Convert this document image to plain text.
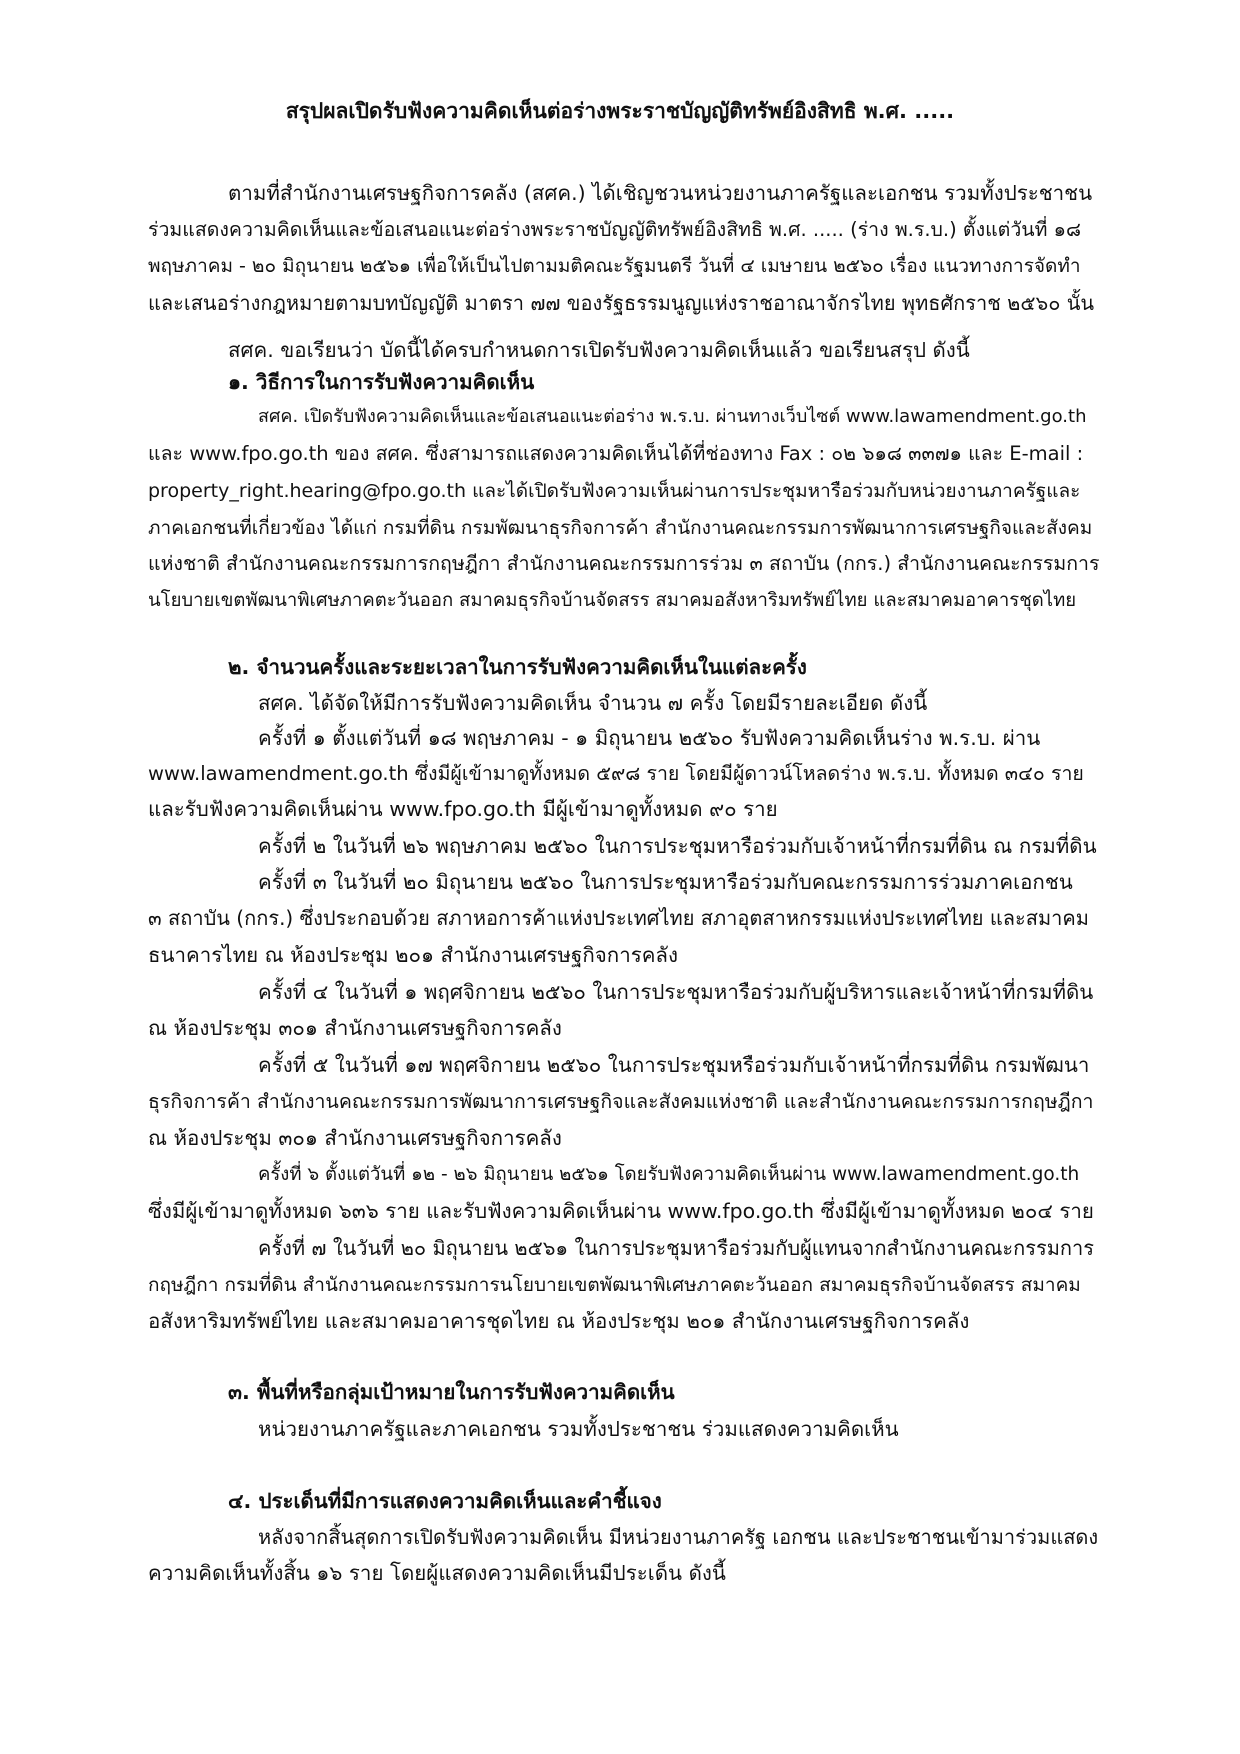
สรุปผลเปิดรับฟังความคิดเห็นต่อร่างพระราชบัญญัติทรัพย์อิงสิทธิ พ.ศ. .....

ตามที่สำนักงานเศรษฐกิจการคลัง (สศค.) ได้เชิญชวนหน่วยงานภาครัฐและเอกชน รวมทั้งประชาชน

ร่วมแสดงความคิดเห็นและข้อเสนอแนะต่อร่างพระราชบัญญัติทรัพย์อิงสิทธิ พ.ศ. ..... (ร่าง พ.ร.บ.) ตั้งแต่วันที่ ๑๘

พฤษภาคม - ๒๐ มิถุนายน ๒๕๖๑ เพื่อให้เป็นไปตามมติคณะรัฐมนตรี วันที่ ๔ เมษายน ๒๕๖๐ เรื่อง แนวทางการจัดทำ

และเสนอร่างกฎหมายตามบทบัญญัติ มาตรา ๗๗ ของรัฐธรรมนูญแห่งราชอาณาจักรไทย พุทธศักราช ๒๕๖๐ นั้น

สศค. ขอเรียนว่า บัดนี้ได้ครบกำหนดการเปิดรับฟังความคิดเห็นแล้ว ขอเรียนสรุป ดังนี้

๑. วิธีการในการรับฟังความคิดเห็น

สศค. เปิดรับฟังความคิดเห็นและข้อเสนอแนะต่อร่าง พ.ร.บ. ผ่านทางเว็บไซต์ www.lawamendment.go.th

และ www.fpo.go.th ของ สศค. ซึ่งสามารถแสดงความคิดเห็นได้ที่ช่องทาง Fax : ๐๒ ๖๑๘ ๓๓๗๑ และ E-mail :

property_right.hearing@fpo.go.th และได้เปิดรับฟังความเห็นผ่านการประชุมหารือร่วมกับหน่วยงานภาครัฐและ

ภาคเอกชนที่เกี่ยวข้อง ได้แก่ กรมที่ดิน กรมพัฒนาธุรกิจการค้า สำนักงานคณะกรรมการพัฒนาการเศรษฐกิจและสังคม

แห่งชาติ สำนักงานคณะกรรมการกฤษฎีกา สำนักงานคณะกรรมการร่วม ๓ สถาบัน (กกร.) สำนักงานคณะกรรมการ

นโยบายเขตพัฒนาพิเศษภาคตะวันออก สมาคมธุรกิจบ้านจัดสรร สมาคมอสังหาริมทรัพย์ไทย และสมาคมอาคารชุดไทย

๒. จำนวนครั้งและระยะเวลาในการรับฟังความคิดเห็นในแต่ละครั้ง

สศค. ได้จัดให้มีการรับฟังความคิดเห็น จำนวน ๗ ครั้ง โดยมีรายละเอียด ดังนี้

ครั้งที่ ๑ ตั้งแต่วันที่ ๑๘ พฤษภาคม - ๑ มิถุนายน ๒๕๖๐ รับฟังความคิดเห็นร่าง พ.ร.บ. ผ่าน

www.lawamendment.go.th ซึ่งมีผู้เข้ามาดูทั้งหมด ๕๙๘ ราย โดยมีผู้ดาวน์โหลดร่าง พ.ร.บ. ทั้งหมด ๓๔๐ ราย

และรับฟังความคิดเห็นผ่าน www.fpo.go.th มีผู้เข้ามาดูทั้งหมด ๙๐ ราย

ครั้งที่ ๒ ในวันที่ ๒๖ พฤษภาคม ๒๕๖๐ ในการประชุมหารือร่วมกับเจ้าหน้าที่กรมที่ดิน ณ กรมที่ดิน

ครั้งที่ ๓ ในวันที่ ๒๐ มิถุนายน ๒๕๖๐ ในการประชุมหารือร่วมกับคณะกรรมการร่วมภาคเอกชน

๓ สถาบัน (กกร.) ซึ่งประกอบด้วย สภาหอการค้าแห่งประเทศไทย สภาอุตสาหกรรมแห่งประเทศไทย และสมาคม

ธนาคารไทย ณ ห้องประชุม ๒๐๑ สำนักงานเศรษฐกิจการคลัง

ครั้งที่ ๔ ในวันที่ ๑ พฤศจิกายน ๒๕๖๐ ในการประชุมหารือร่วมกับผู้บริหารและเจ้าหน้าที่กรมที่ดิน

ณ ห้องประชุม ๓๐๑ สำนักงานเศรษฐกิจการคลัง

ครั้งที่ ๕ ในวันที่ ๑๗ พฤศจิกายน ๒๕๖๐ ในการประชุมหรือร่วมกับเจ้าหน้าที่กรมที่ดิน กรมพัฒนา

ธุรกิจการค้า สำนักงานคณะกรรมการพัฒนาการเศรษฐกิจและสังคมแห่งชาติ และสำนักงานคณะกรรมการกฤษฎีกา

ณ ห้องประชุม ๓๐๑ สำนักงานเศรษฐกิจการคลัง

ครั้งที่ ๖ ตั้งแต่วันที่ ๑๒ - ๒๖ มิถุนายน ๒๕๖๑ โดยรับฟังความคิดเห็นผ่าน www.lawamendment.go.th

ซึ่งมีผู้เข้ามาดูทั้งหมด ๖๓๖ ราย และรับฟังความคิดเห็นผ่าน www.fpo.go.th ซึ่งมีผู้เข้ามาดูทั้งหมด ๒๐๔ ราย

ครั้งที่ ๗ ในวันที่ ๒๐ มิถุนายน ๒๕๖๑ ในการประชุมหารือร่วมกับผู้แทนจากสำนักงานคณะกรรมการ

กฤษฎีกา กรมที่ดิน สำนักงานคณะกรรมการนโยบายเขตพัฒนาพิเศษภาคตะวันออก สมาคมธุรกิจบ้านจัดสรร สมาคม

อสังหาริมทรัพย์ไทย และสมาคมอาคารชุดไทย ณ ห้องประชุม ๒๐๑ สำนักงานเศรษฐกิจการคลัง

๓. พื้นที่หรือกลุ่มเป้าหมายในการรับฟังความคิดเห็น

หน่วยงานภาครัฐและภาคเอกชน รวมทั้งประชาชน ร่วมแสดงความคิดเห็น

๔. ประเด็นที่มีการแสดงความคิดเห็นและคำชี้แจง

หลังจากสิ้นสุดการเปิดรับฟังความคิดเห็น มีหน่วยงานภาครัฐ เอกชน และประชาชนเข้ามาร่วมแสดง

ความคิดเห็นทั้งสิ้น ๑๖ ราย โดยผู้แสดงความคิดเห็นมีประเด็น ดังนี้
